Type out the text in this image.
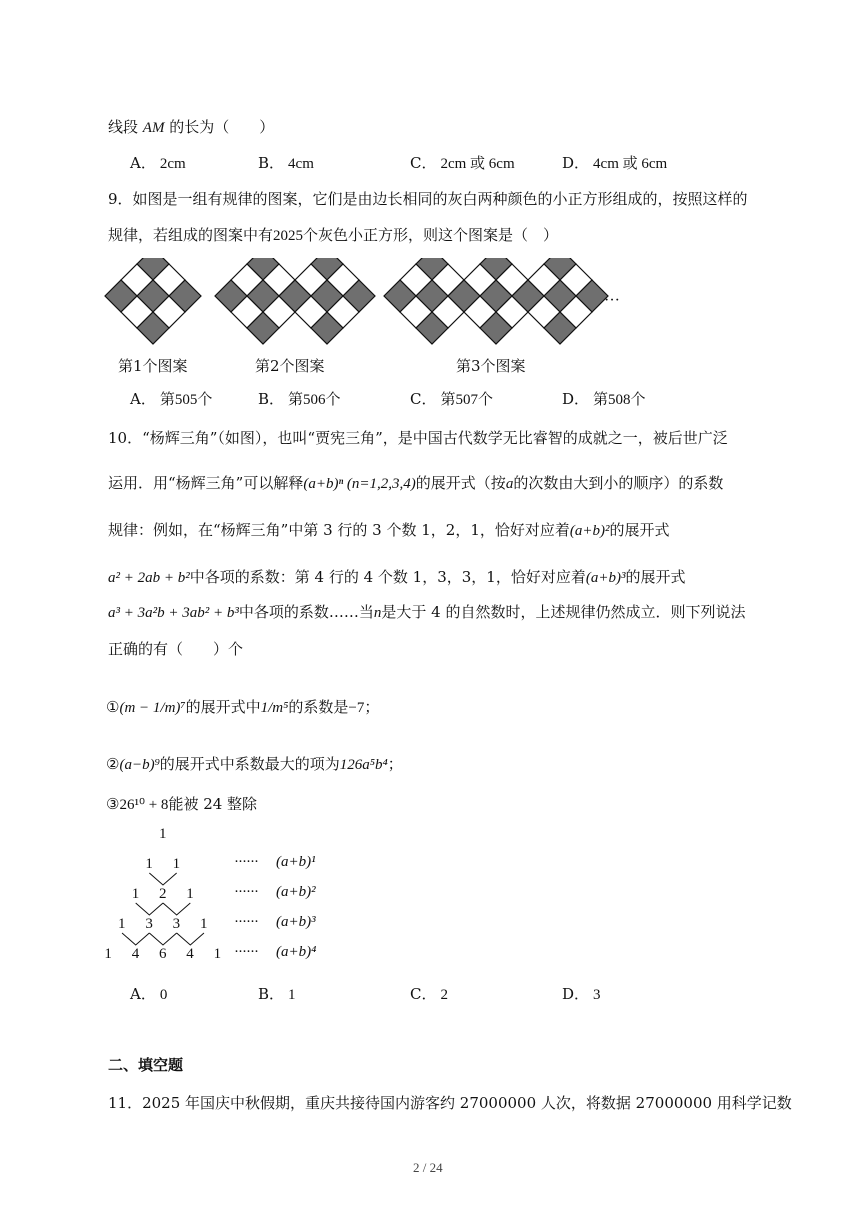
线段 AM 的长为（　　）
A． 2cm	B． 4cm	C． 2cm 或 6cm	D． 4cm 或 6cm
9．如图是一组有规律的图案，它们是由边长相同的灰白两种颜色的小正方形组成的，按照这样的
规律，若组成的图案中有2025个灰色小正方形，则这个图案是（　）
第1个图案	第2个图案	第3个图案
···
A． 第505个	B． 第506个	C． 第507个	D． 第508个
10．“杨辉三角”（如图），也叫“贾宪三角”，是中国古代数学无比睿智的成就之一，被后世广泛
运用．用“杨辉三角”可以解释(a+b)ⁿ (n=1,2,3,4)的展开式（按a的次数由大到小的顺序）的系数
规律：例如，在“杨辉三角”中第 3 行的 3 个数 1，2，1，恰好对应着(a+b)²的展开式
a² + 2ab + b²中各项的系数：第 4 行的 4 个数 1，3，3，1，恰好对应着(a+b)³的展开式
a³ + 3a²b + 3ab² + b³中各项的系数……当n是大于 4 的自然数时，上述规律仍然成立．则下列说法
正确的有（　　）个
①(m − 1/m)⁷的展开式中1/m⁵的系数是−7；
②(a−b)⁹的展开式中系数最大的项为126a⁵b⁴；
③26¹⁰ + 8能被 24 整除
1
1 1
1 2 1
1 3 3 1
1 4 6 4 1
······ (a+b)¹
······ (a+b)²
······ (a+b)³
······ (a+b)⁴
A． 0	B． 1	C． 2	D． 3
二、填空题
11．2025 年国庆中秋假期，重庆共接待国内游客约 27000000 人次，将数据 27000000 用科学记数
2 / 24
